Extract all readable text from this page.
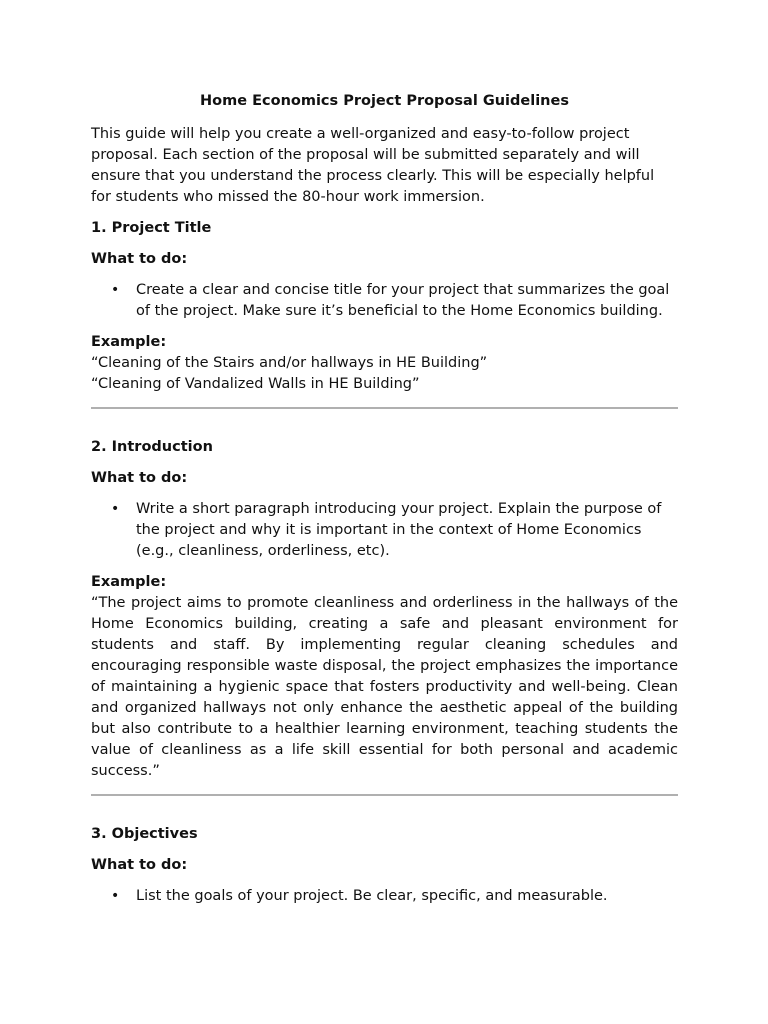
Home Economics Project Proposal Guidelines

This guide will help you create a well-organized and easy-to-follow project proposal. Each section of the proposal will be submitted separately and will ensure that you understand the process clearly. This will be especially helpful for students who missed the 80-hour work immersion.

1. Project Title
What to do:
• Create a clear and concise title for your project that summarizes the goal of the project. Make sure it’s beneficial to the Home Economics building.
Example:

“Cleaning of the Stairs and/or hallways in HE Building”

“Cleaning of Vandalized Walls in HE Building”

2. Introduction
What to do:
• Write a short paragraph introducing your project. Explain the purpose of the project and why it is important in the context of Home Economics (e.g., cleanliness, orderliness, etc).
Example:

“The project aims to promote cleanliness and orderliness in the hallways of the Home Economics building, creating a safe and pleasant environment for students and staff. By implementing regular cleaning schedules and encouraging responsible waste disposal, the project emphasizes the importance of maintaining a hygienic space that fosters productivity and well-being. Clean and organized hallways not only enhance the aesthetic appeal of the building but also contribute to a healthier learning environment, teaching students the value of cleanliness as a life skill essential for both personal and academic success.”

3. Objectives
What to do:
• List the goals of your project. Be clear, specific, and measurable.
